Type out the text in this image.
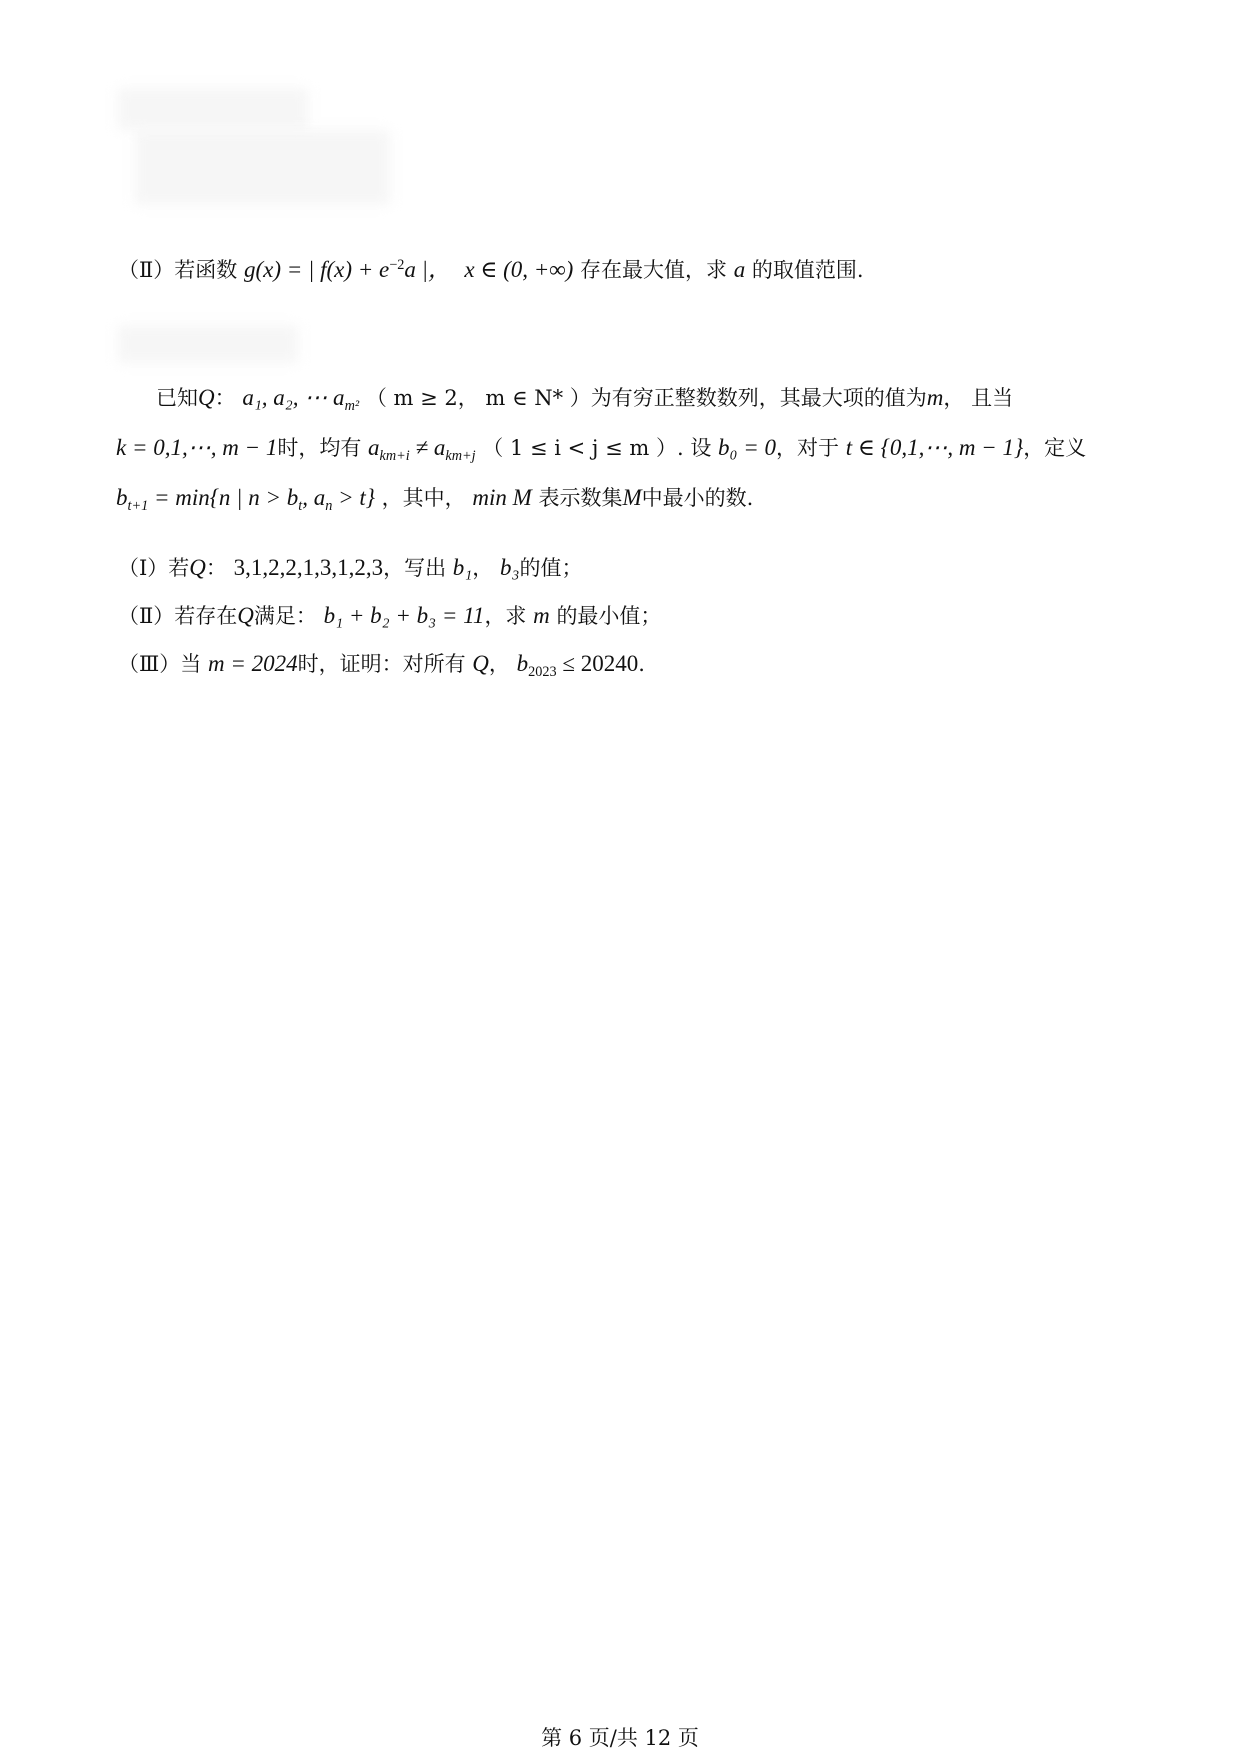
（Ⅱ）若函数 g(x) = | $f(x) + e^{-2}a$ |， x ∈ (0, +∞) 存在最大值，求 a 的取值范围.
已知Q： a₁, a₂, ⋯ $a_{m^2}$ （ m ≥ 2， m ∈ N* ）为有穷正整数数列，其最大项的值为m， 且当
k = 0,1,⋯, m − 1时，均有 $a_{km+i} \ne a_{km+j}$ （ 1 ≤ i < j ≤ m ）. 设 b₀ = 0，对于 t ∈ {0,1,⋯, m − 1}，定义
$b_{t+1} = \min\{n$ | $n > b_t$, $a_n > t$} ，其中， min M 表示数集M中最小的数.
（Ⅰ）若Q： 3,1,2,2,1,3,1,2,3，写出 b₁， b₃的值；
（Ⅱ）若存在Q满足： b₁ + b₂ + b₃ = 11，求 m 的最小值；
（Ⅲ）当 m = 2024时，证明：对所有 Q， $b_{2023} \le 20240$.
第 6 页/共 12 页
